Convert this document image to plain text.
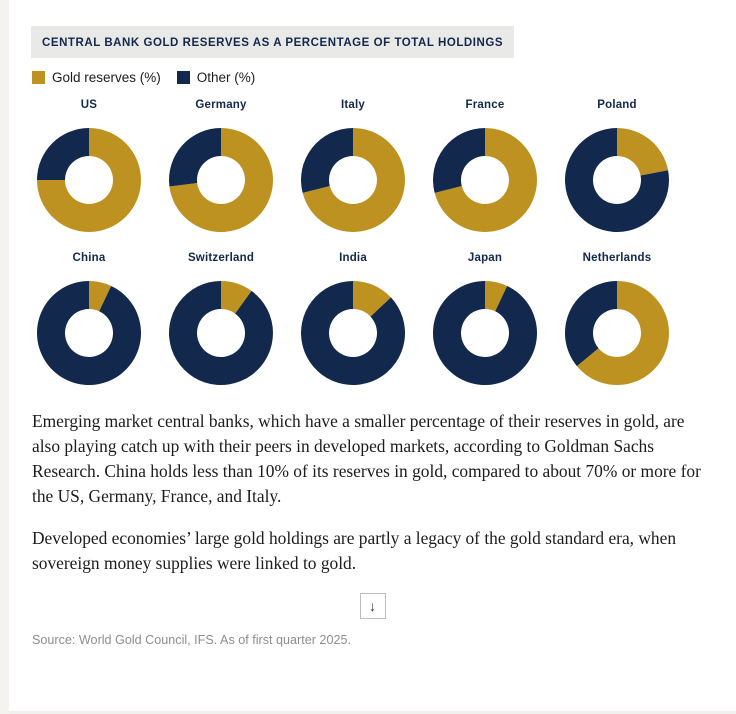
CENTRAL BANK GOLD RESERVES AS A PERCENTAGE OF TOTAL HOLDINGS
Gold reserves (%)	Other (%)
US	Germany	Italy	France	Poland
China	Switzerland	India	Japan	Netherlands

Emerging market central banks, which have a smaller percentage of their reserves in gold, are also playing catch up with their peers in developed markets, according to Goldman Sachs Research. China holds less than 10% of its reserves in gold, compared to about 70% or more for the US, Germany, France, and Italy.

Developed economies’ large gold holdings are partly a legacy of the gold standard era, when sovereign money supplies were linked to gold.

↓
Source: World Gold Council, IFS. As of first quarter 2025.
